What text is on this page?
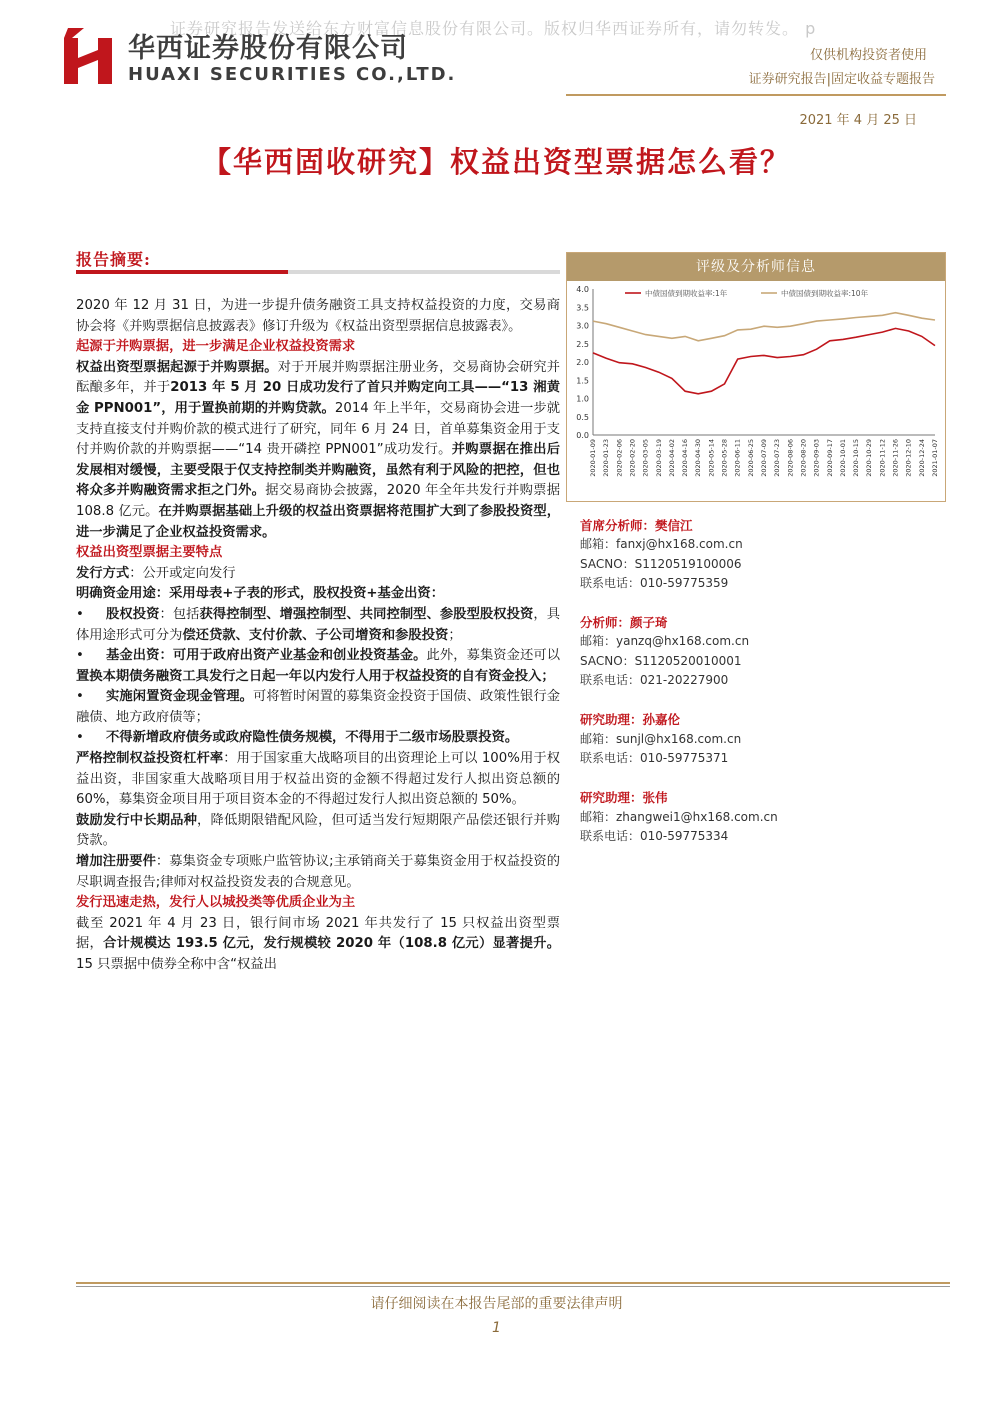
证券研究报告发送给东方财富信息股份有限公司。版权归华西证券所有，请勿转发。 p
华西证券股份有限公司
HUAXI SECURITIES CO.,LTD.
仅供机构投资者使用
证券研究报告|固定收益专题报告
2021 年 4 月 25 日
【华西固收研究】权益出资型票据怎么看？
报告摘要:

2020 年 12 月 31 日，为进一步提升债务融资工具支持权益投资的力度，交易商协会将《并购票据信息披露表》修订升级为《权益出资型票据信息披露表》。

起源于并购票据，进一步满足企业权益投资需求

权益出资型票据起源于并购票据。对于开展并购票据注册业务，交易商协会研究并酝酿多年，并于2013 年 5 月 20 日成功发行了首只并购定向工具——“13 湘黄金 PPN001”，用于置换前期的并购贷款。2014 年上半年，交易商协会进一步就支持直接支付并购价款的模式进行了研究，同年 6 月 24 日，首单募集资金用于支付并购价款的并购票据——“14 贵开磷控 PPN001”成功发行。并购票据在推出后发展相对缓慢，主要受限于仅支持控制类并购融资，虽然有利于风险的把控，但也将众多并购融资需求拒之门外。据交易商协会披露，2020 年全年共发行并购票据 108.8 亿元。在并购票据基础上升级的权益出资票据将范围扩大到了参股投资型，进一步满足了企业权益投资需求。

权益出资型票据主要特点

发行方式：公开或定向发行

明确资金用途：采用母表+子表的形式，股权投资+基金出资：

• 股权投资：包括获得控制型、增强控制型、共同控制型、参股型股权投资，具体用途形式可分为偿还贷款、支付价款、子公司增资和参股投资；

• 基金出资：可用于政府出资产业基金和创业投资基金。此外，募集资金还可以置换本期债务融资工具发行之日起一年以内发行人用于权益投资的自有资金投入；

• 实施闲置资金现金管理。可将暂时闲置的募集资金投资于国债、政策性银行金融债、地方政府债等；

• 不得新增政府债务或政府隐性债务规模，不得用于二级市场股票投资。

严格控制权益投资杠杆率：用于国家重大战略项目的出资理论上可以 100%用于权益出资，非国家重大战略项目用于权益出资的金额不得超过发行人拟出资总额的 60%，募集资金项目用于项目资本金的不得超过发行人拟出资总额的 50%。

鼓励发行中长期品种，降低期限错配风险，但可适当发行短期限产品偿还银行并购贷款。

增加注册要件：募集资金专项账户监管协议;主承销商关于募集资金用于权益投资的尽职调查报告;律师对权益投资发表的合规意见。

发行迅速走热，发行人以城投类等优质企业为主

截至 2021 年 4 月 23 日，银行间市场 2021 年共发行了 15 只权益出资型票据，合计规模达 193.5 亿元，发行规模较 2020 年（108.8 亿元）显著提升。15 只票据中债券全称中含“权益出

评级及分析师信息
0.0
0.5
1.0
1.5
2.0
2.5
3.0
3.5
4.0
2020-01-09 2020-01-23 2020-02-06 2020-02-20 2020-03-05 2020-03-19 2020-04-02 2020-04-16 2020-04-30 2020-05-14 2020-05-28 2020-06-11 2020-06-25 2020-07-09 2020-07-23 2020-08-06 2020-08-20 2020-09-03 2020-09-17 2020-10-01 2020-10-15 2020-10-29 2020-11-12 2020-11-26 2020-12-10 2020-12-24 2021-01-07
中债国债到期收益率:1年	中债国债到期收益率:10年
首席分析师：樊信江
邮箱：fanxj@hx168.com.cn
SACNO：S1120519100006
联系电话：010-59775359
分析师：颜子琦
邮箱：yanzq@hx168.com.cn
SACNO：S1120520010001
联系电话：021-20227900
研究助理：孙嘉伦
邮箱：sunjl@hx168.com.cn
联系电话：010-59775371
研究助理：张伟
邮箱：zhangwei1@hx168.com.cn
联系电话：010-59775334
请仔细阅读在本报告尾部的重要法律声明
1
